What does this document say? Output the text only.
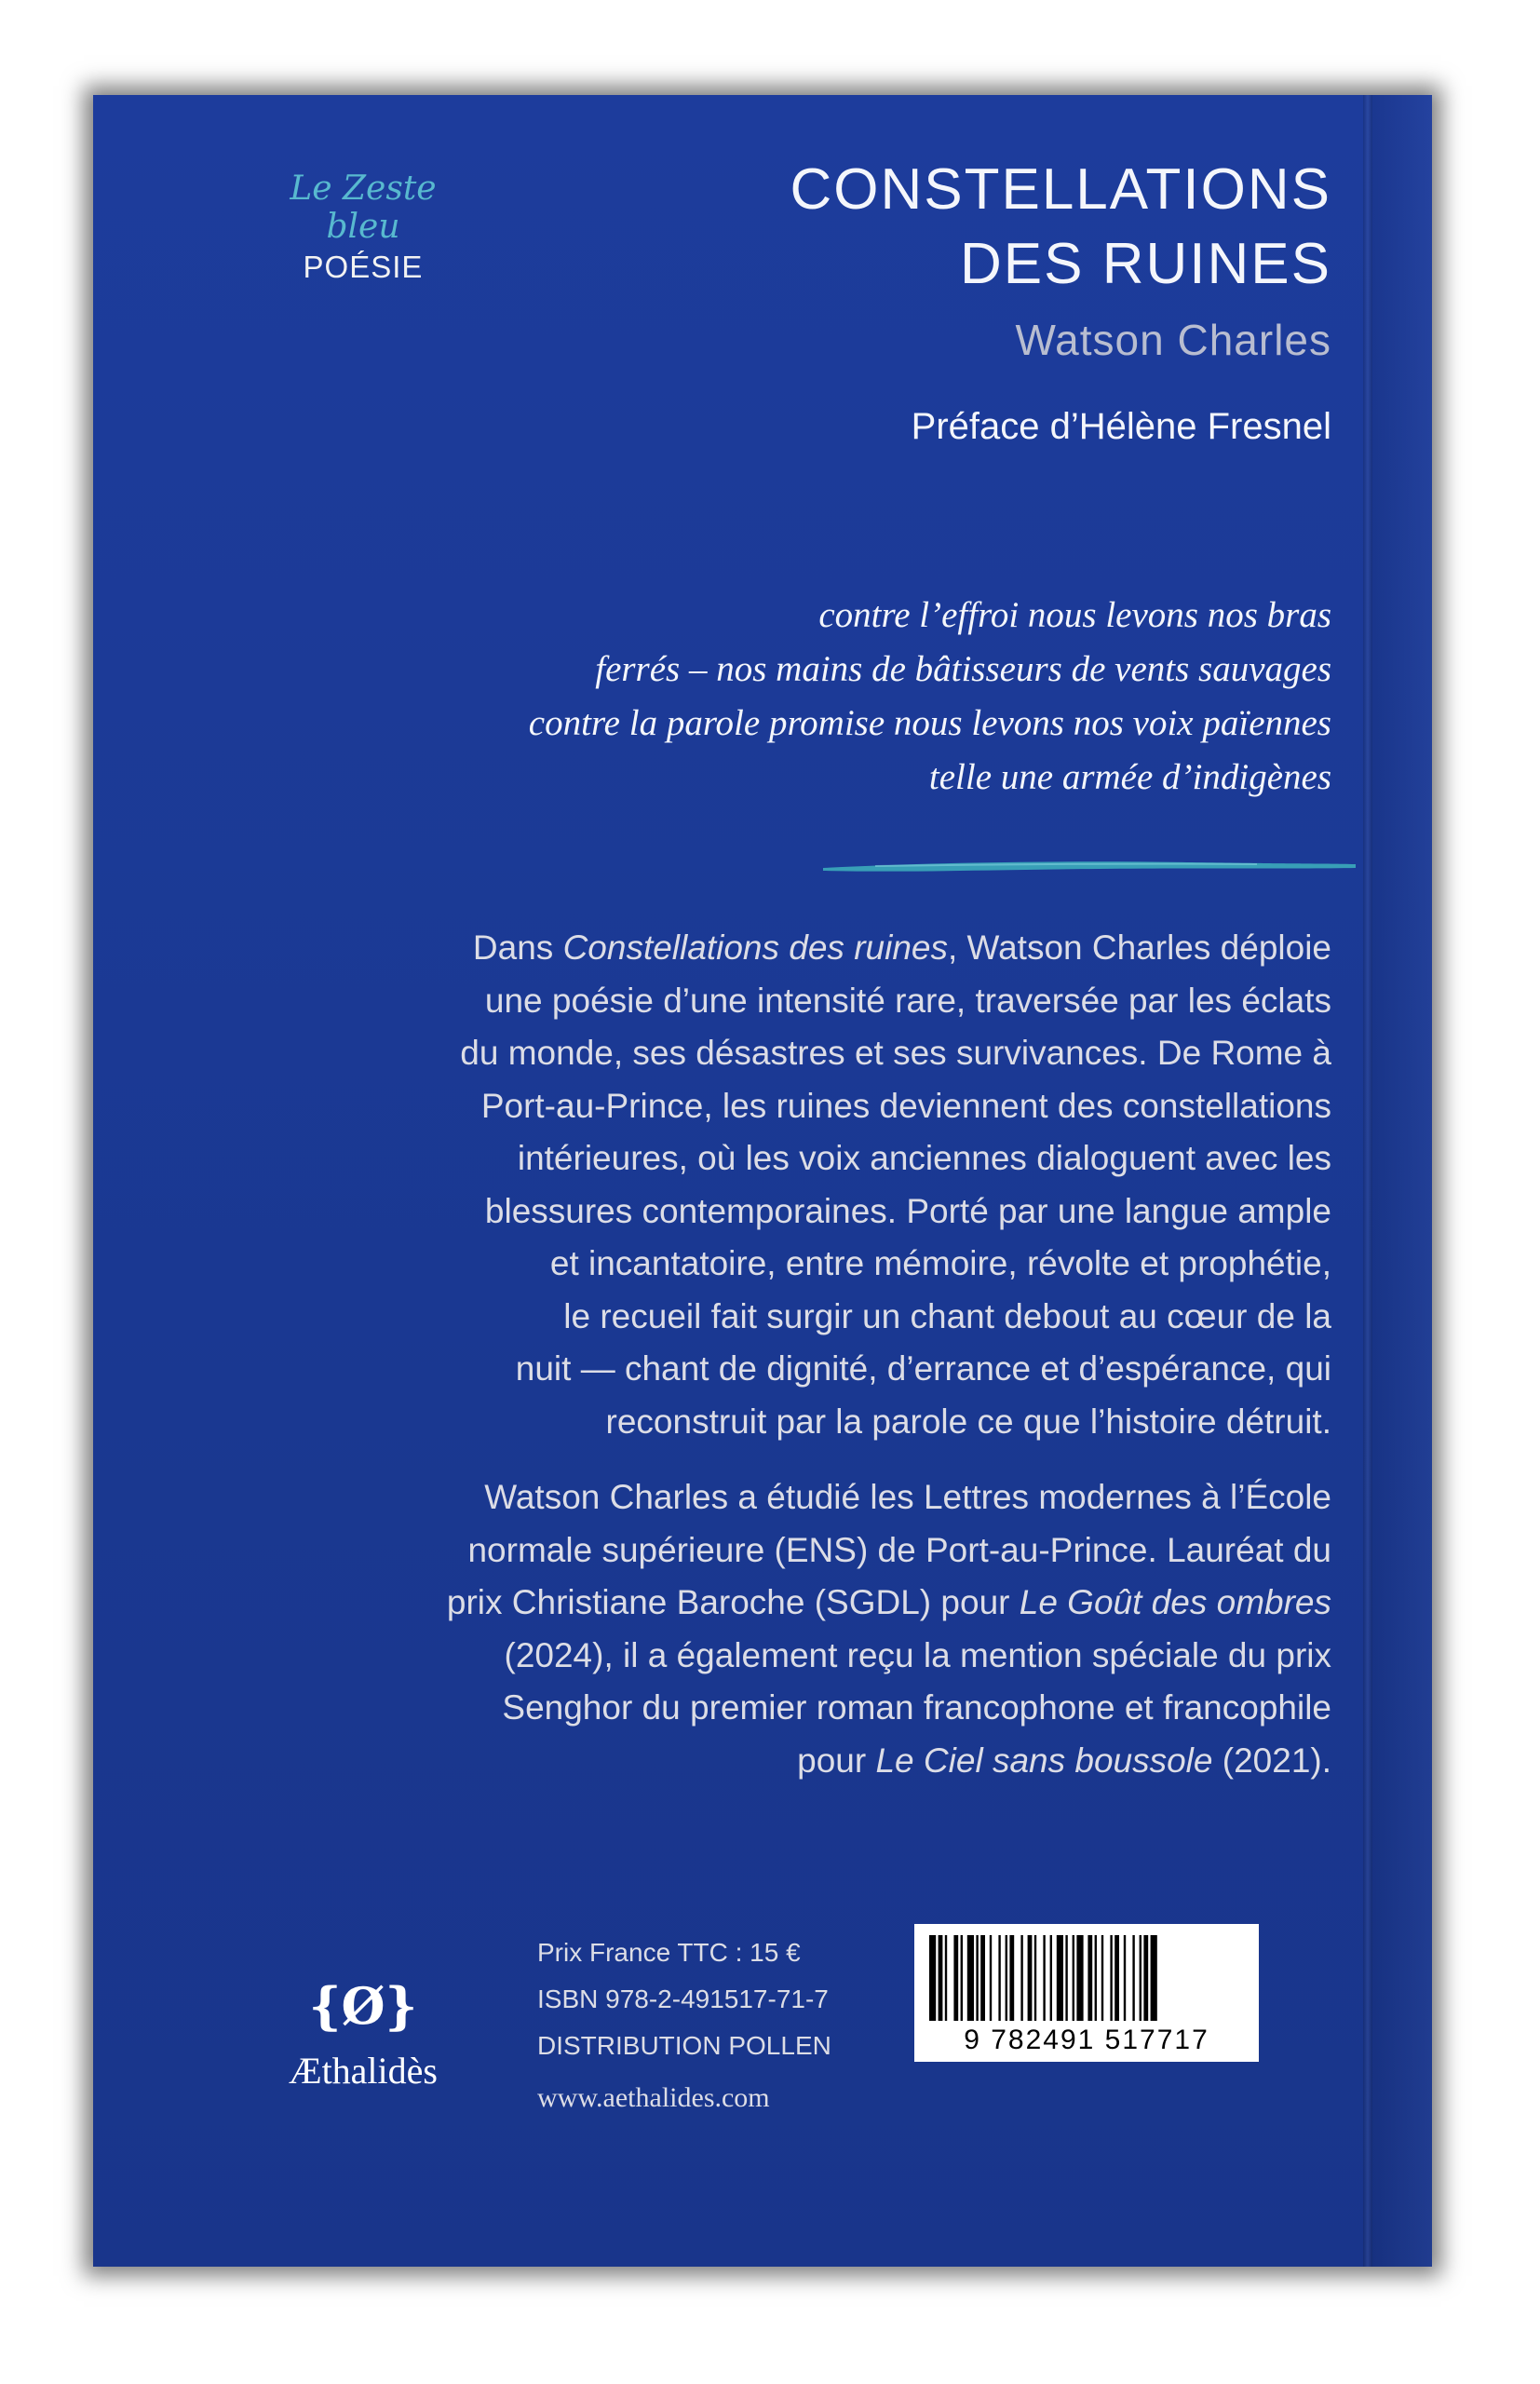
Le Zeste bleu
POÉSIE
CONSTELLATIONS
DES RUINES
Watson Charles
Préface d’Hélène Fresnel
contre l’effroi nous levons nos bras
ferrés – nos mains de bâtisseurs de vents sauvages
contre la parole promise nous levons nos voix païennes
telle une armée d’indigènes
Dans Constellations des ruines, Watson Charles déploie
une poésie d’une intensité rare, traversée par les éclats
du monde, ses désastres et ses survivances. De Rome à
Port-au-Prince, les ruines deviennent des constellations
intérieures, où les voix anciennes dialoguent avec les
blessures contemporaines. Porté par une langue ample
et incantatoire, entre mémoire, révolte et prophétie,
le recueil fait surgir un chant debout au cœur de la
nuit — chant de dignité, d’errance et d’espérance, qui
reconstruit par la parole ce que l’histoire détruit.
Watson Charles a étudié les Lettres modernes à l’École
normale supérieure (ENS) de Port-au-Prince. Lauréat du
prix Christiane Baroche (SGDL) pour Le Goût des ombres
(2024), il a également reçu la mention spéciale du prix
Senghor du premier roman francophone et francophile
pour Le Ciel sans boussole (2021).
{Ø}
Æthalidès
Prix France TTC : 15 €
ISBN 978-2-491517-71-7
DISTRIBUTION POLLEN
www.aethalides.com
9 782491 517717
